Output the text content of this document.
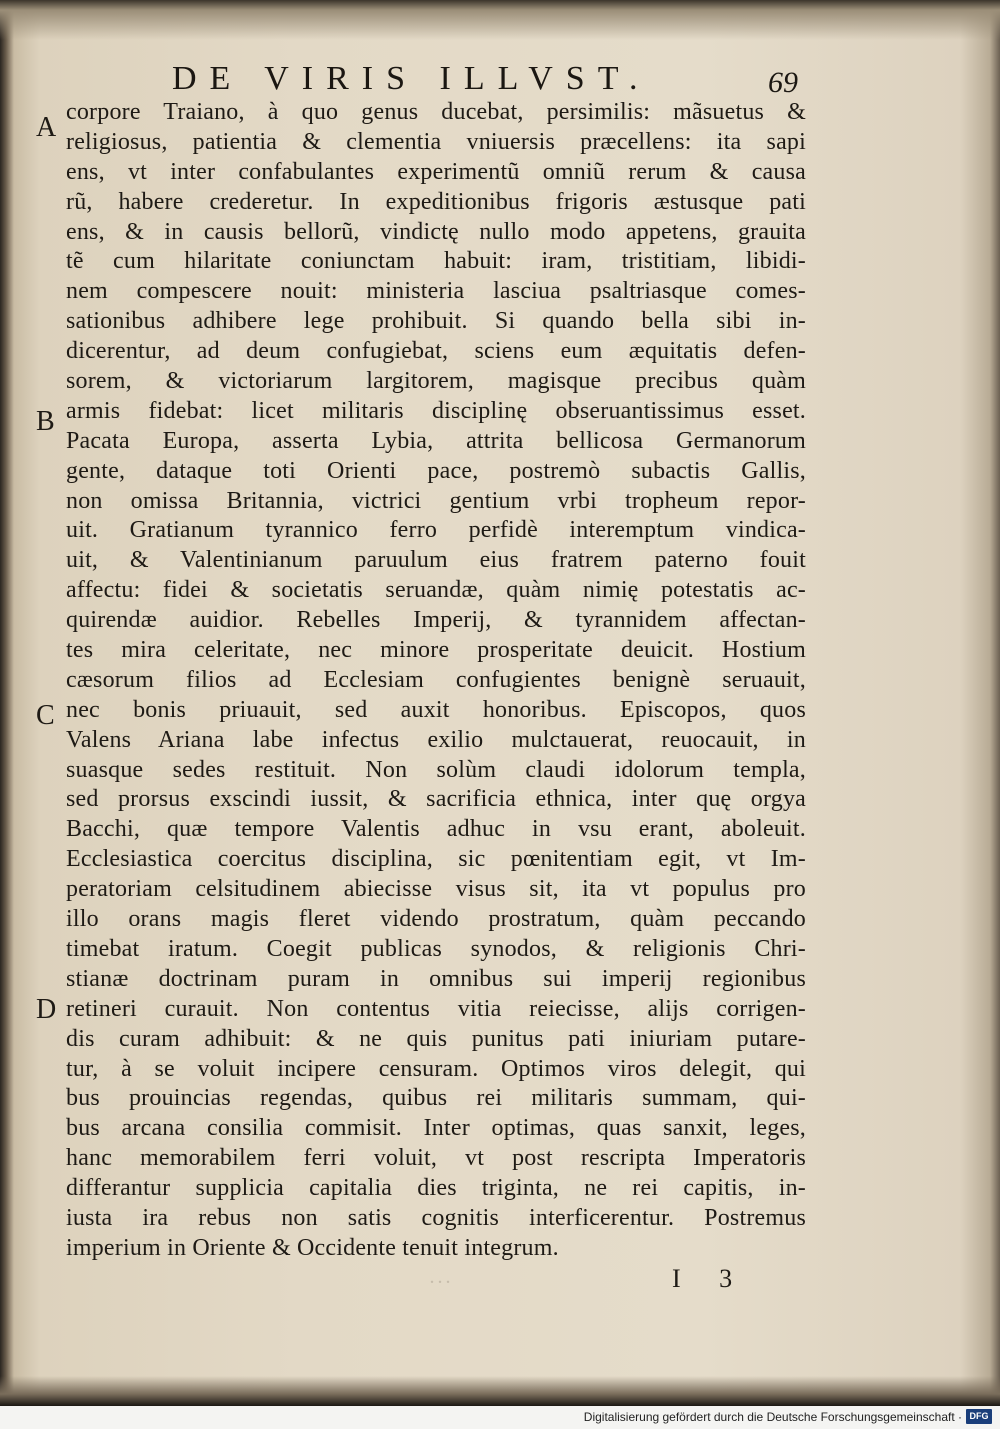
DE VIRIS ILLVST.	69
A
B
C
D
corpore Traiano, à quo genus ducebat, persimilis: mãsuetus &
religiosus, patientia & clementia vniuersis præcellens: ita sapi
ens, vt inter confabulantes experimentũ omniũ rerum & causa
rũ, habere crederetur. In expeditionibus frigoris æstusque pati
ens, & in causis bellorũ, vindictę nullo modo appetens, grauita
tẽ cum hilaritate coniunctam habuit: iram, tristitiam, libidi-
nem compescere nouit: ministeria lasciua psaltriasque comes-
sationibus adhibere lege prohibuit. Si quando bella sibi in-
dicerentur, ad deum confugiebat, sciens eum æquitatis defen-
sorem, & victoriarum largitorem, magisque precibus quàm
armis fidebat: licet militaris disciplinę obseruantissimus esset.
Pacata Europa, asserta Lybia, attrita bellicosa Germanorum
gente, dataque toti Orienti pace, postremò subactis Gallis,
non omissa Britannia, victrici gentium vrbi tropheum repor-
uit. Gratianum tyrannico ferro perfidè interemptum vindica-
uit, & Valentinianum paruulum eius fratrem paterno fouit
affectu: fidei & societatis seruandæ, quàm nimię potestatis ac-
quirendæ auidior. Rebelles Imperij, & tyrannidem affectan-
tes mira celeritate, nec minore prosperitate deuicit. Hostium
cæsorum filios ad Ecclesiam confugientes benignè seruauit,
nec bonis priuauit, sed auxit honoribus. Episcopos, quos
Valens Ariana labe infectus exilio mulctauerat, reuocauit, in
suasque sedes restituit. Non solùm claudi idolorum templa,
sed prorsus exscindi iussit, & sacrificia ethnica, inter quę orgya
Bacchi, quæ tempore Valentis adhuc in vsu erant, aboleuit.
Ecclesiastica coercitus disciplina, sic pœnitentiam egit, vt Im-
peratoriam celsitudinem abiecisse visus sit, ita vt populus pro
illo orans magis fleret videndo prostratum, quàm peccando
timebat iratum. Coegit publicas synodos, & religionis Chri-
stianæ doctrinam puram in omnibus sui imperij regionibus
retineri curauit. Non contentus vitia reiecisse, alijs corrigen-
dis curam adhibuit: & ne quis punitus pati iniuriam putare-
tur, à se voluit incipere censuram. Optimos viros delegit, qui
bus prouincias regendas, quibus rei militaris summam, qui-
bus arcana consilia commisit. Inter optimas, quas sanxit, leges,
hanc memorabilem ferri voluit, vt post rescripta Imperatoris
differantur supplicia capitalia dies triginta, ne rei capitis, in-
iusta ira rebus non satis cognitis interficerentur. Postremus
imperium in Oriente & Occidente tenuit integrum.
...	I 3
Digitalisierung gefördert durch die Deutsche Forschungsgemeinschaft · DFG
